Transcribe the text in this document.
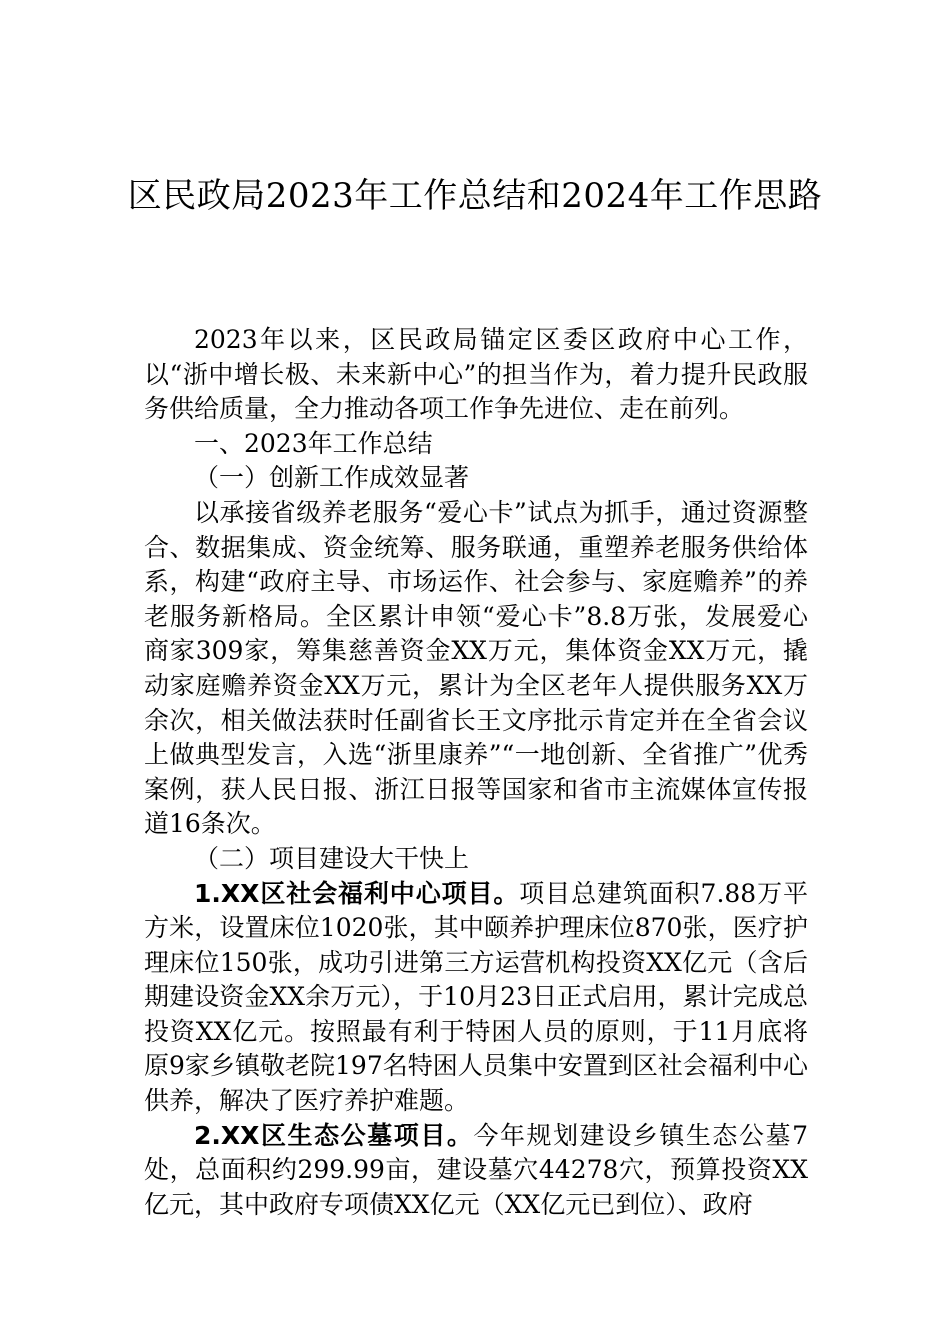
区民政局2023年工作总结和2024年工作思路

2023年以来，区民政局锚定区委区政府中心工作，以“浙中增长极、未来新中心”的担当作为，着力提升民政服务供给质量，全力推动各项工作争先进位、走在前列。

一、2023年工作总结

（一）创新工作成效显著

以承接省级养老服务“爱心卡”试点为抓手，通过资源整合、数据集成、资金统筹、服务联通，重塑养老服务供给体系，构建“政府主导、市场运作、社会参与、家庭赡养”的养老服务新格局。全区累计申领“爱心卡”8.8万张，发展爱心商家309家，筹集慈善资金XX万元，集体资金XX万元，撬动家庭赡养资金XX万元，累计为全区老年人提供服务XX万余次，相关做法获时任副省长王文序批示肯定并在全省会议上做典型发言，入选“浙里康养”“一地创新、全省推广”优秀案例，获人民日报、浙江日报等国家和省市主流媒体宣传报道16条次。

（二）项目建设大干快上

1.XX区社会福利中心项目。项目总建筑面积7.88万平方米，设置床位1020张，其中颐养护理床位870张，医疗护理床位150张，成功引进第三方运营机构投资XX亿元（含后期建设资金XX余万元），于10月23日正式启用，累计完成总投资XX亿元。按照最有利于特困人员的原则，于11月底将原9家乡镇敬老院197名特困人员集中安置到区社会福利中心供养，解决了医疗养护难题。

2.XX区生态公墓项目。今年规划建设乡镇生态公墓7处，总面积约299.99亩，建设墓穴44278穴，预算投资XX亿元，其中政府专项债XX亿元（XX亿元已到位）、政府
